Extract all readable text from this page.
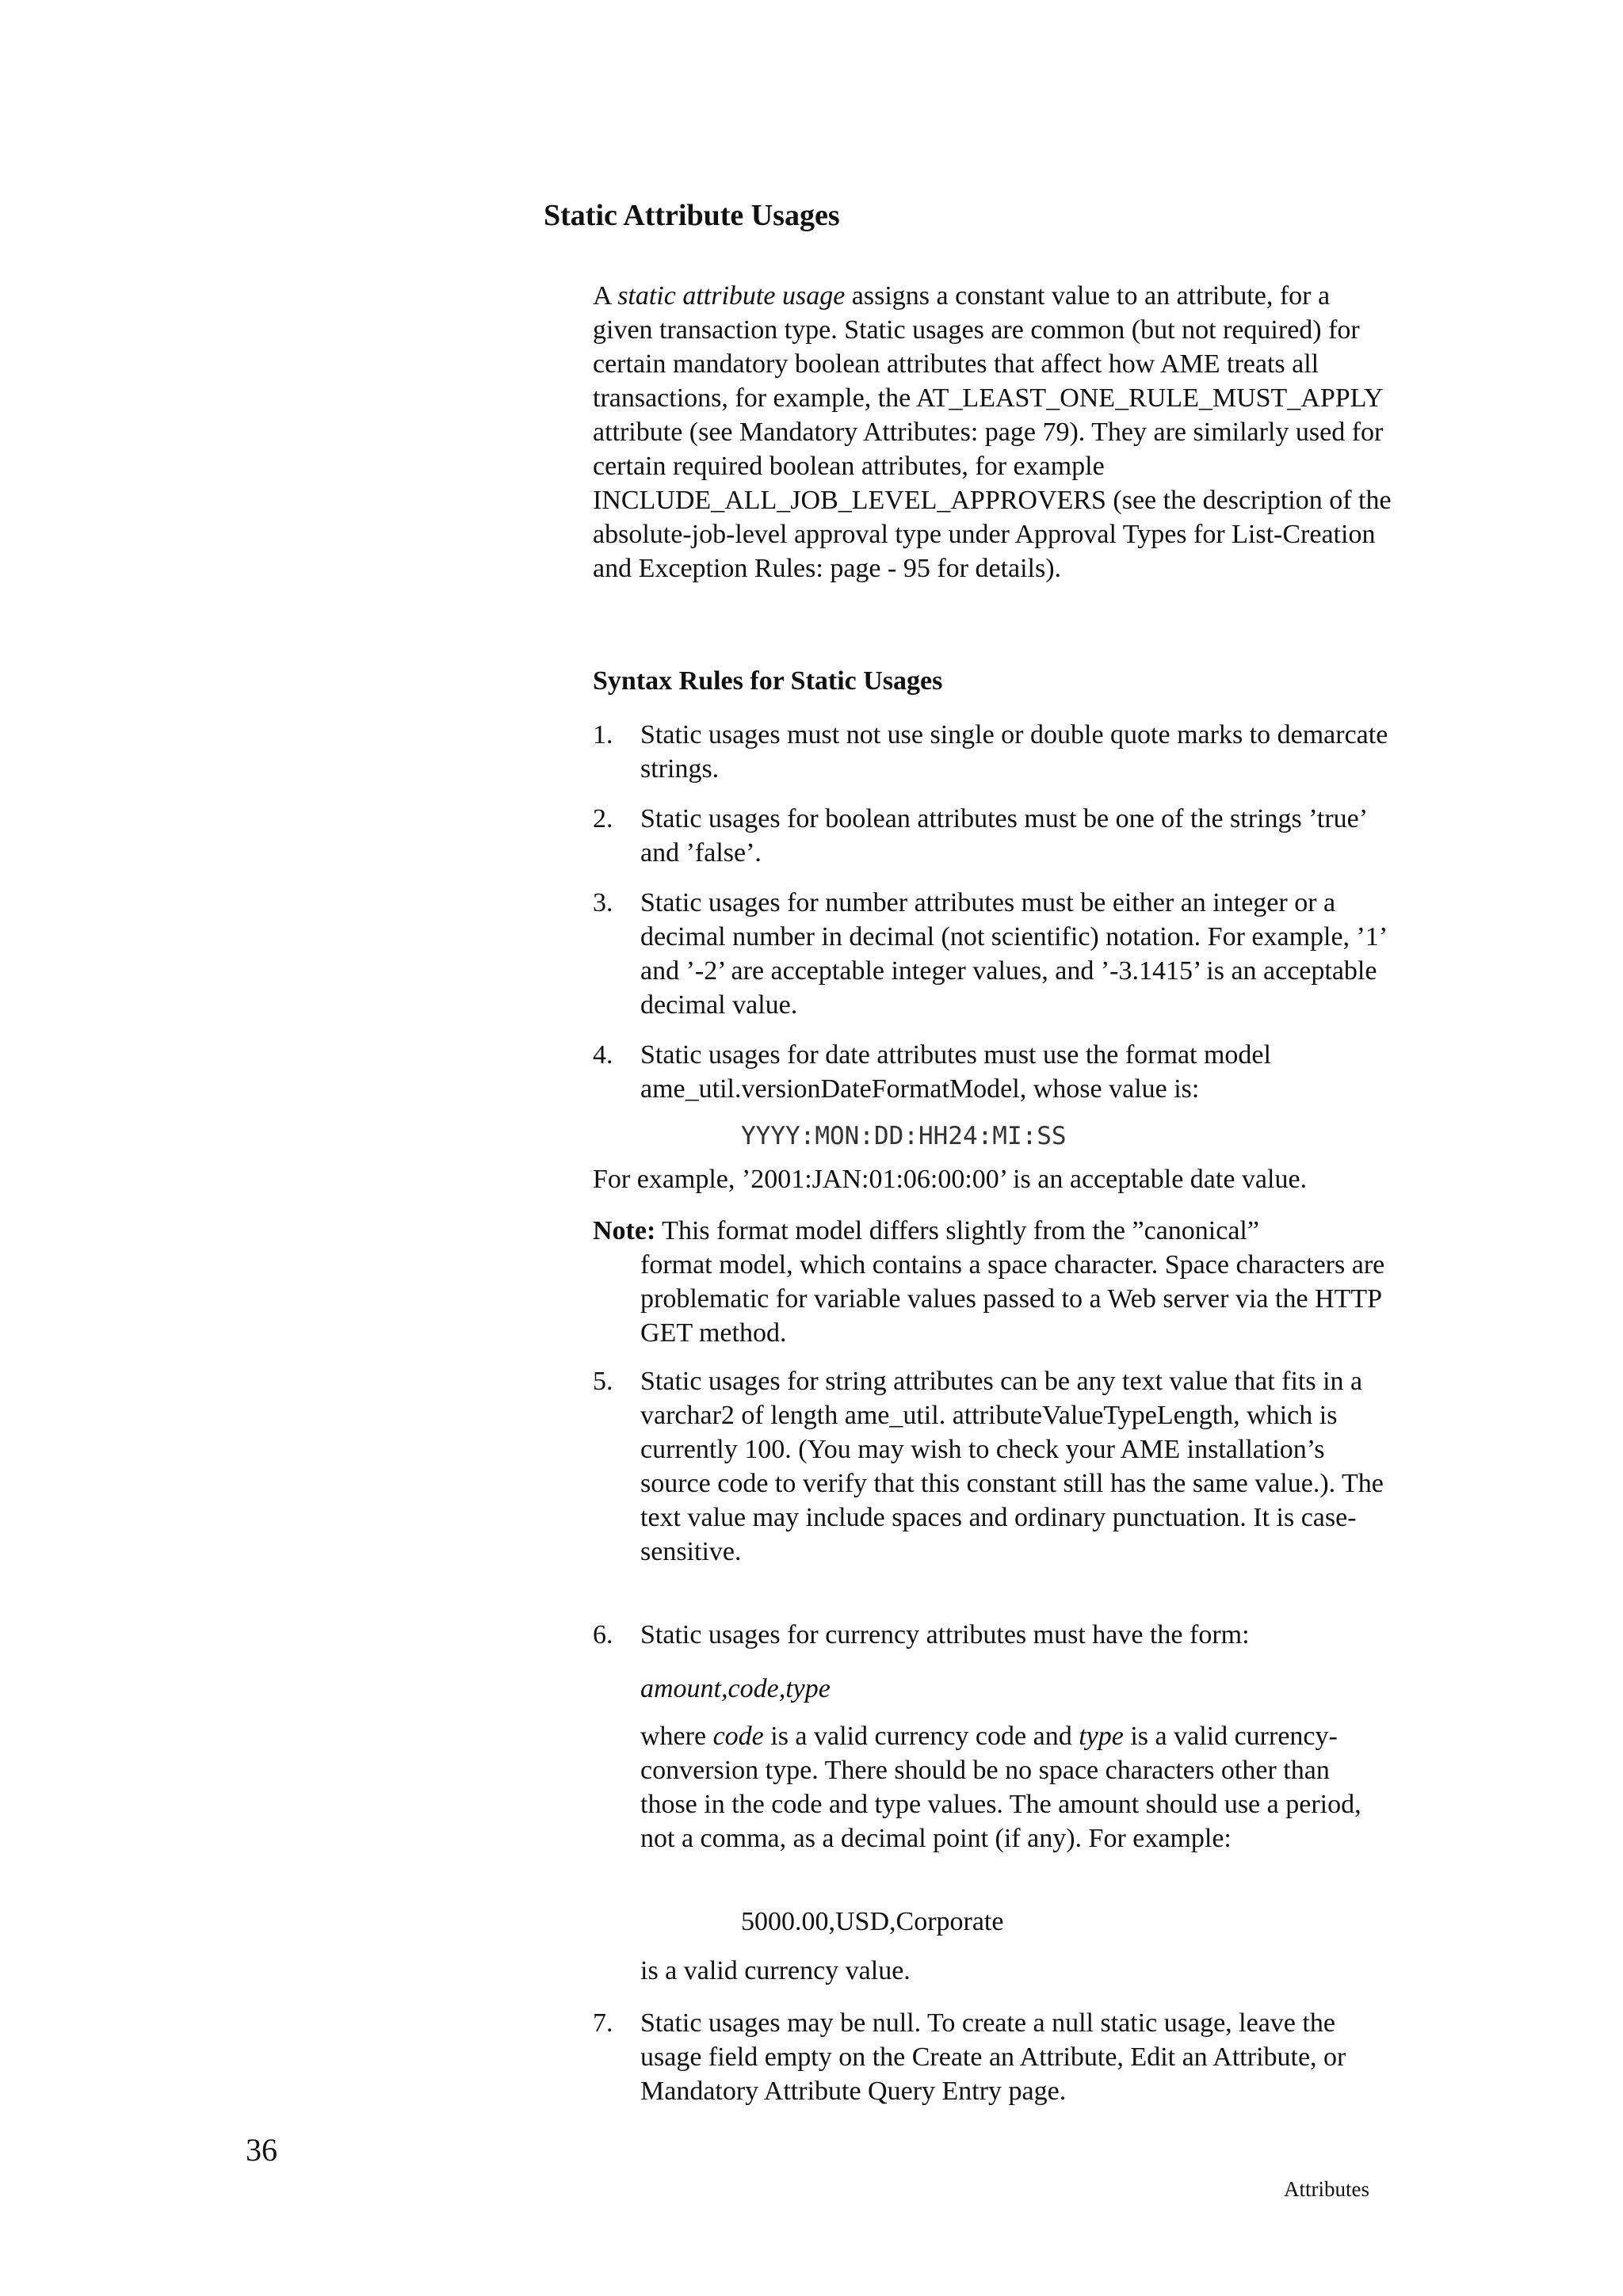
Static Attribute Usages

A static attribute usage assigns a constant value to an attribute, for a given transaction type. Static usages are common (but not required) for certain mandatory boolean attributes that affect how AME treats all transactions, for example, the AT_LEAST_ONE_RULE_MUST_APPLY attribute (see Mandatory Attributes: page 79). They are similarly used for certain required boolean attributes, for example INCLUDE_ALL_JOB_LEVEL_APPROVERS (see the description of the absolute-job-level approval type under Approval Types for List-Creation and Exception Rules: page - 95 for details).

Syntax Rules for Static Usages
1.	Static usages must not use single or double quote marks to demarcate strings.
2.	Static usages for boolean attributes must be one of the strings ’true’ and ’false’.
3.	Static usages for number attributes must be either an integer or a decimal number in decimal (not scientific) notation. For example, ’1’ and ’-2’ are acceptable integer values, and ’-3.1415’ is an acceptable decimal value.
4.	Static usages for date attributes must use the format model ame_util.versionDateFormatModel, whose value is:

YYYY:MON:DD:HH24:MI:SS

For example, ’2001:JAN:01:06:00:00’ is an acceptable date value.

Note: This format model differs slightly from the ”canonical”
format model, which contains a space character. Space characters are problematic for variable values passed to a Web server via the HTTP GET method.
5.	Static usages for string attributes can be any text value that fits in a varchar2 of length ame_util. attributeValueTypeLength, which is currently 100. (You may wish to check your AME installation’s source code to verify that this constant still has the same value.). The text value may include spaces and ordinary punctuation. It is case-sensitive.
6.	Static usages for currency attributes must have the form:

amount,code,type

where code is a valid currency code and type is a valid currency-conversion type. There should be no space characters other than those in the code and type values. The amount should use a period, not a comma, as a decimal point (if any). For example:

5000.00,USD,Corporate

is a valid currency value.

7.	Static usages may be null. To create a null static usage, leave the usage field empty on the Create an Attribute, Edit an Attribute, or Mandatory Attribute Query Entry page.

36

Attributes
